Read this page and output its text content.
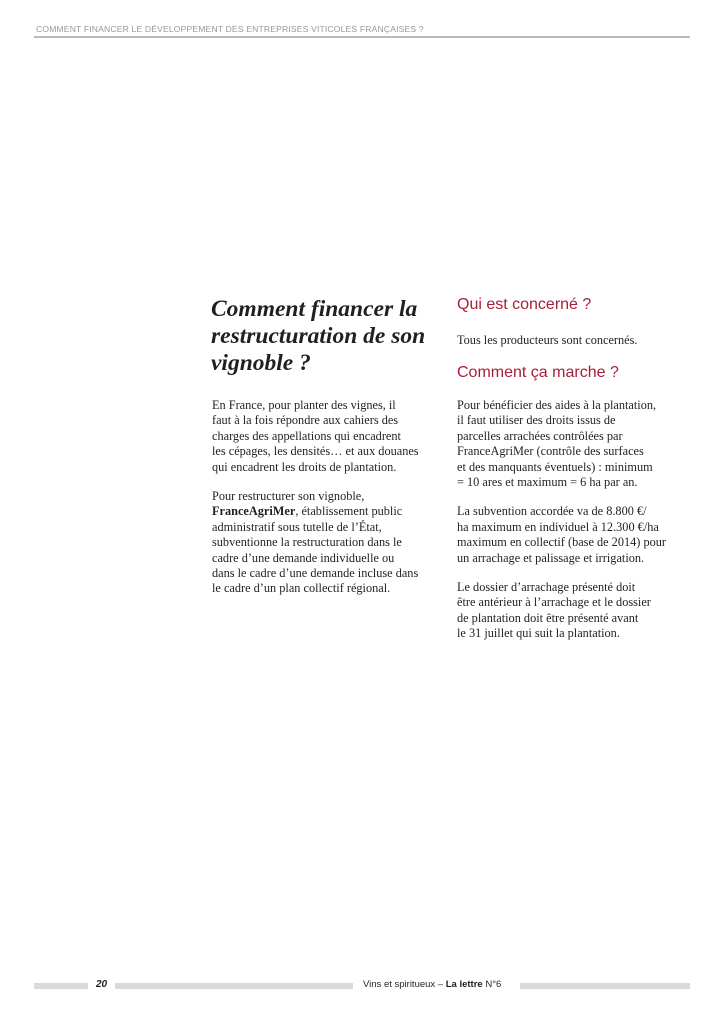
COMMENT FINANCER LE DÉVELOPPEMENT DES ENTREPRISES VITICOLES FRANÇAISES ?
Comment financer la restructuration de son vignoble ?

En France, pour planter des vignes, il
faut à la fois répondre aux cahiers des
charges des appellations qui encadrent
les cépages, les densités… et aux douanes
qui encadrent les droits de plantation.

Pour restructurer son vignoble,
FranceAgriMer, établissement public
administratif sous tutelle de l’État,
subventionne la restructuration dans le
cadre d’une demande individuelle ou
dans le cadre d’une demande incluse dans
le cadre d’un plan collectif régional.

Qui est concerné ?

Tous les producteurs sont concernés.

Comment ça marche ?

Pour bénéficier des aides à la plantation,
il faut utiliser des droits issus de
parcelles arrachées contrôlées par
FranceAgriMer (contrôle des surfaces
et des manquants éventuels) : minimum
= 10 ares et maximum = 6 ha par an.

La subvention accordée va de 8.800 €/
ha maximum en individuel à 12.300 €/ha
maximum en collectif (base de 2014) pour
un arrachage et palissage et irrigation.

Le dossier d’arrachage présenté doit
être antérieur à l’arrachage et le dossier
de plantation doit être présenté avant
le 31 juillet qui suit la plantation.

20	Vins et spiritueux – La lettre N°6
